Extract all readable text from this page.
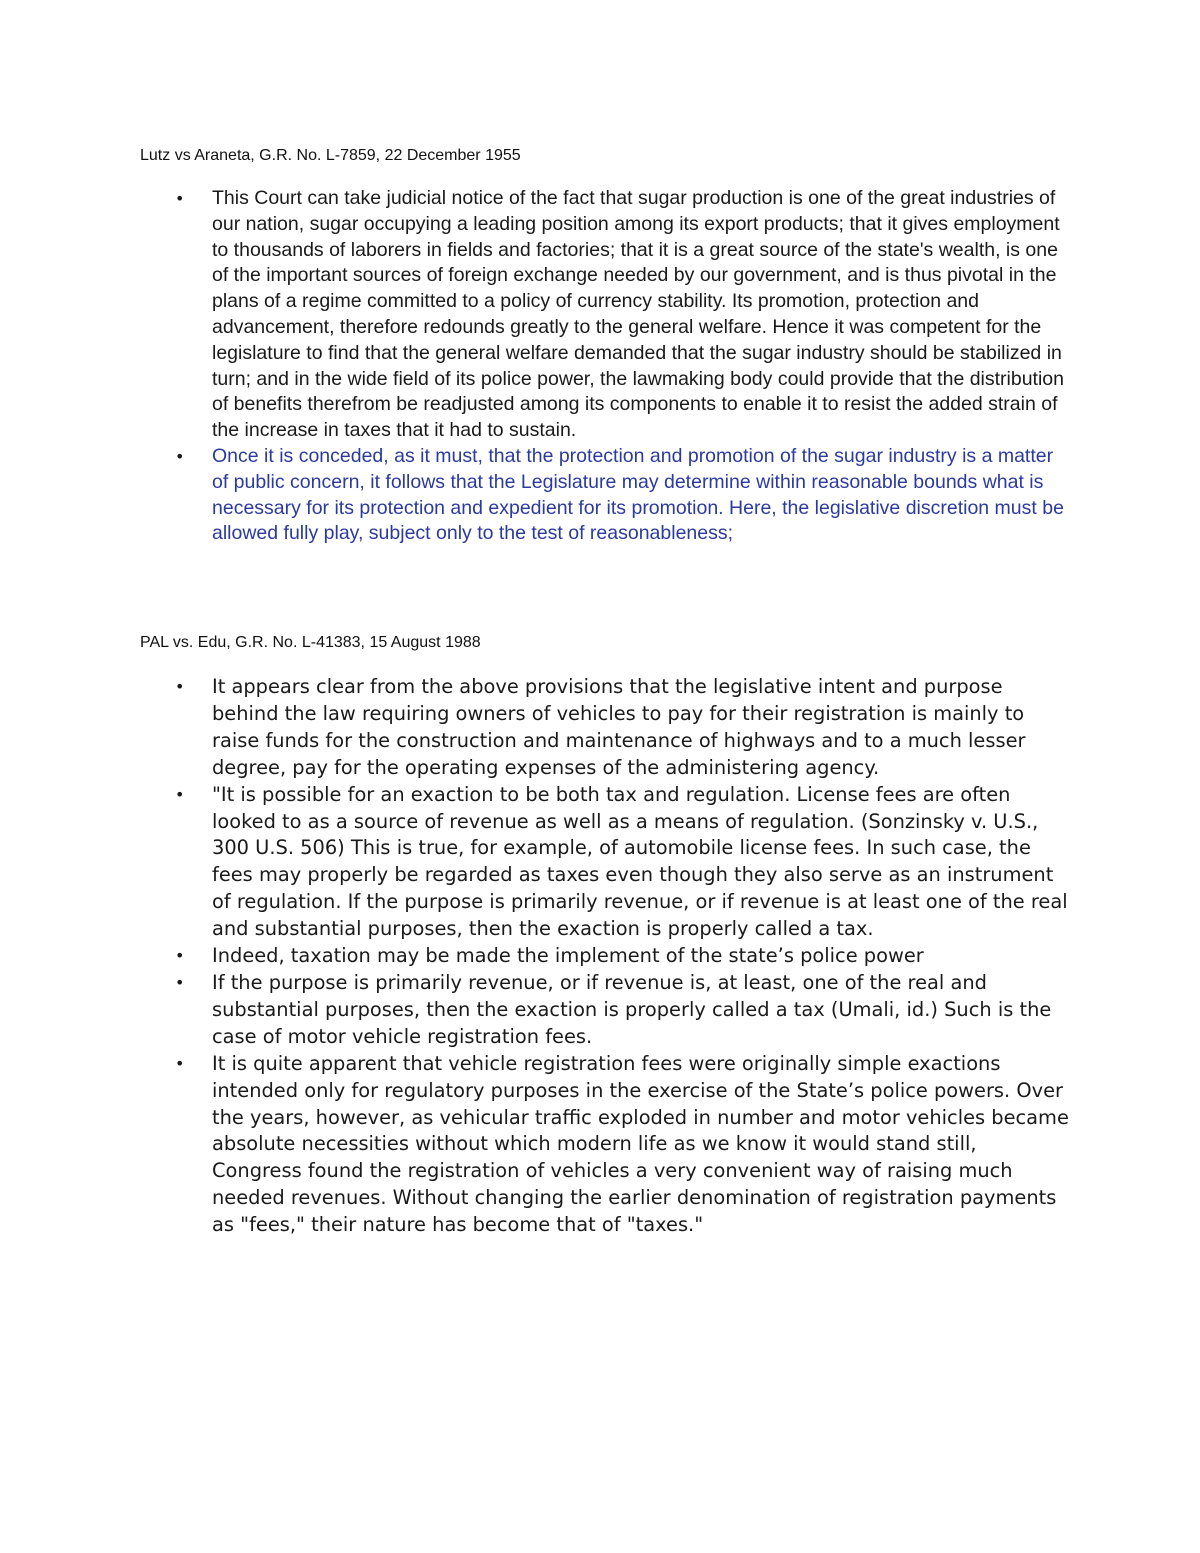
Lutz vs Araneta, G.R. No. L-7859, 22 December 1955
• This Court can take judicial notice of the fact that sugar production is one of the great industries of our nation, sugar occupying a leading position among its export products; that it gives employment to thousands of laborers in fields and factories; that it is a great source of the state's wealth, is one of the important sources of foreign exchange needed by our government, and is thus pivotal in the plans of a regime committed to a policy of currency stability. Its promotion, protection and advancement, therefore redounds greatly to the general welfare. Hence it was competent for the legislature to find that the general welfare demanded that the sugar industry should be stabilized in turn; and in the wide field of its police power, the lawmaking body could provide that the distribution of benefits therefrom be readjusted among its components to enable it to resist the added strain of the increase in taxes that it had to sustain.
• Once it is conceded, as it must, that the protection and promotion of the sugar industry is a matter of public concern, it follows that the Legislature may determine within reasonable bounds what is necessary for its protection and expedient for its promotion. Here, the legislative discretion must be allowed fully play, subject only to the test of reasonableness;
PAL vs. Edu, G.R. No. L-41383, 15 August 1988
• It appears clear from the above provisions that the legislative intent and purpose behind the law requiring owners of vehicles to pay for their registration is mainly to raise funds for the construction and maintenance of highways and to a much lesser degree, pay for the operating expenses of the administering agency.
• "It is possible for an exaction to be both tax and regulation. License fees are often looked to as a source of revenue as well as a means of regulation. (Sonzinsky v. U.S., 300 U.S. 506) This is true, for example, of automobile license fees. In such case, the fees may properly be regarded as taxes even though they also serve as an instrument of regulation. If the purpose is primarily revenue, or if revenue is at least one of the real and substantial purposes, then the exaction is properly called a tax.
• Indeed, taxation may be made the implement of the state’s police power
• If the purpose is primarily revenue, or if revenue is, at least, one of the real and substantial purposes, then the exaction is properly called a tax (Umali, id.) Such is the case of motor vehicle registration fees.
• It is quite apparent that vehicle registration fees were originally simple exactions intended only for regulatory purposes in the exercise of the State’s police powers. Over the years, however, as vehicular traffic exploded in number and motor vehicles became absolute necessities without which modern life as we know it would stand still, Congress found the registration of vehicles a very convenient way of raising much needed revenues. Without changing the earlier denomination of registration payments as "fees," their nature has become that of "taxes."
